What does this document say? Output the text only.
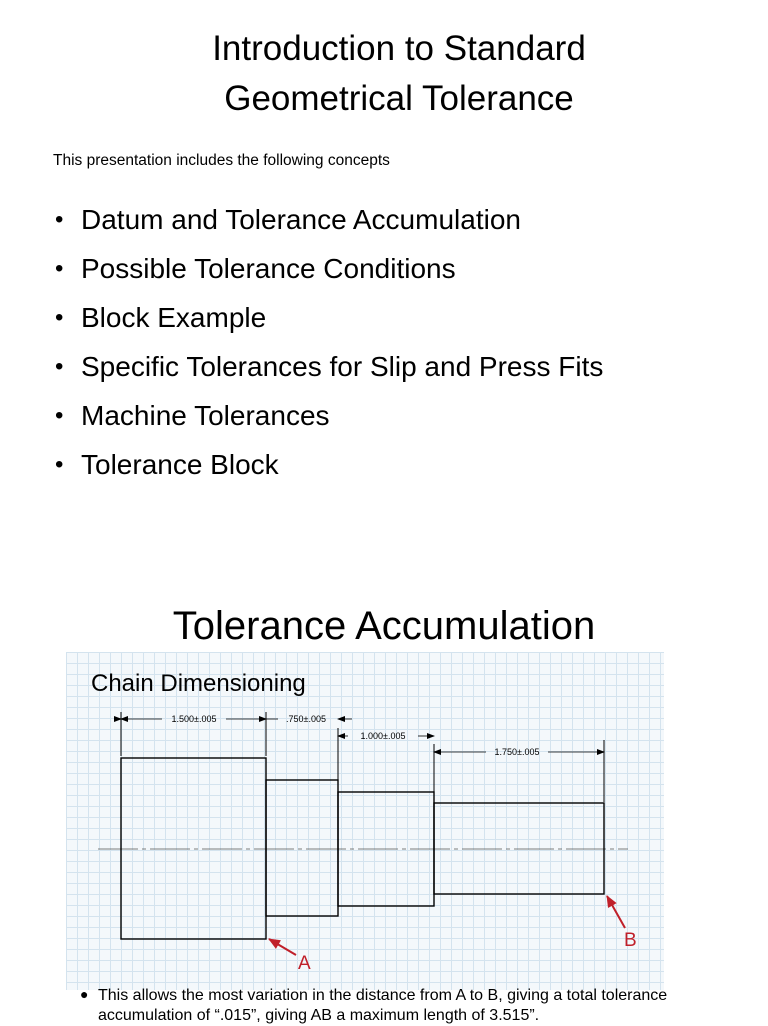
Introduction to Standard
Geometrical Tolerance
This presentation includes the following concepts
• Datum and Tolerance Accumulation
• Possible Tolerance Conditions
• Block Example
• Specific Tolerances for Slip and Press Fits
• Machine Tolerances
• Tolerance Block
Tolerance Accumulation
Chain Dimensioning
1.500±.005	.750±.005
1.000±.005
1.750±.005
A
B
● This allows the most variation in the distance from A to B, giving a total tolerance accumulation of “.015”, giving AB a maximum length of 3.515”.
